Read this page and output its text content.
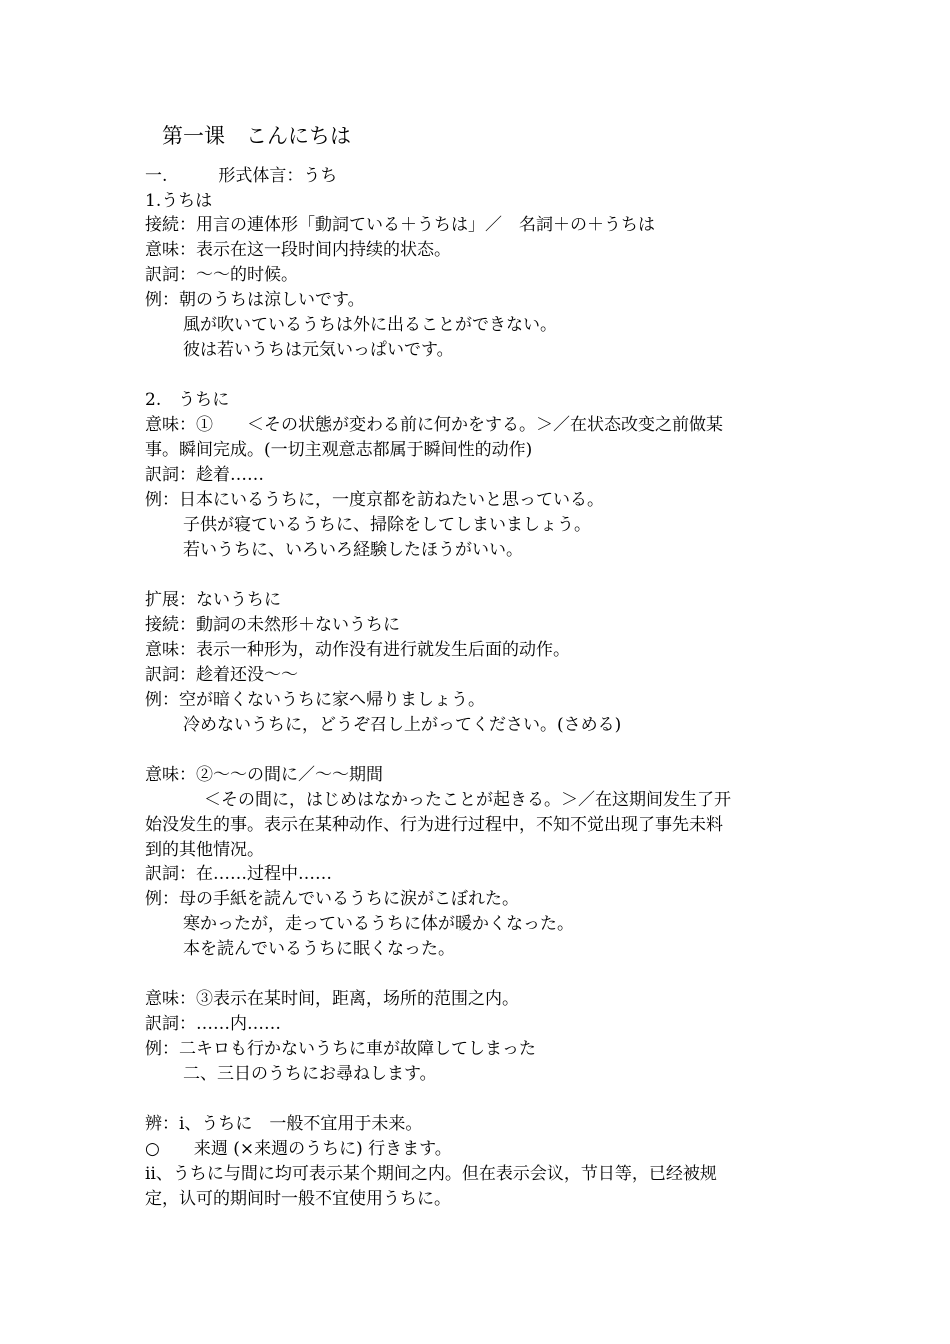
第一课　こんにちは
一.　　　形式体言：うち
1.うちは
接続：用言の連体形「動詞ている＋うちは」／　名詞＋の＋うちは
意味：表示在这一段时间内持续的状态。
訳詞：～～的时候。
例：朝のうちは涼しいです。
風が吹いているうちは外に出ることができない。
彼は若いうちは元気いっぱいです。
2.　うちに
意味：①　　＜その状態が変わる前に何かをする。＞／在状态改变之前做某
事。瞬间完成。(一切主观意志都属于瞬间性的动作)
訳詞：趁着……
例：日本にいるうちに，一度京都を訪ねたいと思っている。
子供が寝ているうちに、掃除をしてしまいましょう。
若いうちに、いろいろ経験したほうがいい。
扩展：ないうちに
接続：動詞の未然形＋ないうちに
意味：表示一种形为，动作没有进行就发生后面的动作。
訳詞：趁着还没～～
例：空が暗くないうちに家へ帰りましょう。
冷めないうちに，どうぞ召し上がってください。(さめる)
意味：②～～の間に／～～期間
＜その間に，はじめはなかったことが起きる。＞／在这期间发生了开
始没发生的事。表示在某种动作、行为进行过程中，不知不觉出现了事先未料
到的其他情况。
訳詞：在……过程中……
例：母の手紙を読んでいるうちに涙がこぼれた。
寒かったが，走っているうちに体が暖かくなった。
本を読んでいるうちに眠くなった。
意味：③表示在某时间，距离，场所的范围之内。
訳詞：……内……
例：二キロも行かないうちに車が故障してしまった
二、三日のうちにお尋ねします。
辨：ⅰ、うちに　一般不宜用于未来。
○　　来週 (×来週のうちに) 行きます。
ⅱ、うちに与間に均可表示某个期间之内。但在表示会议，节日等，已经被规
定，认可的期间时一般不宜使用うちに。
